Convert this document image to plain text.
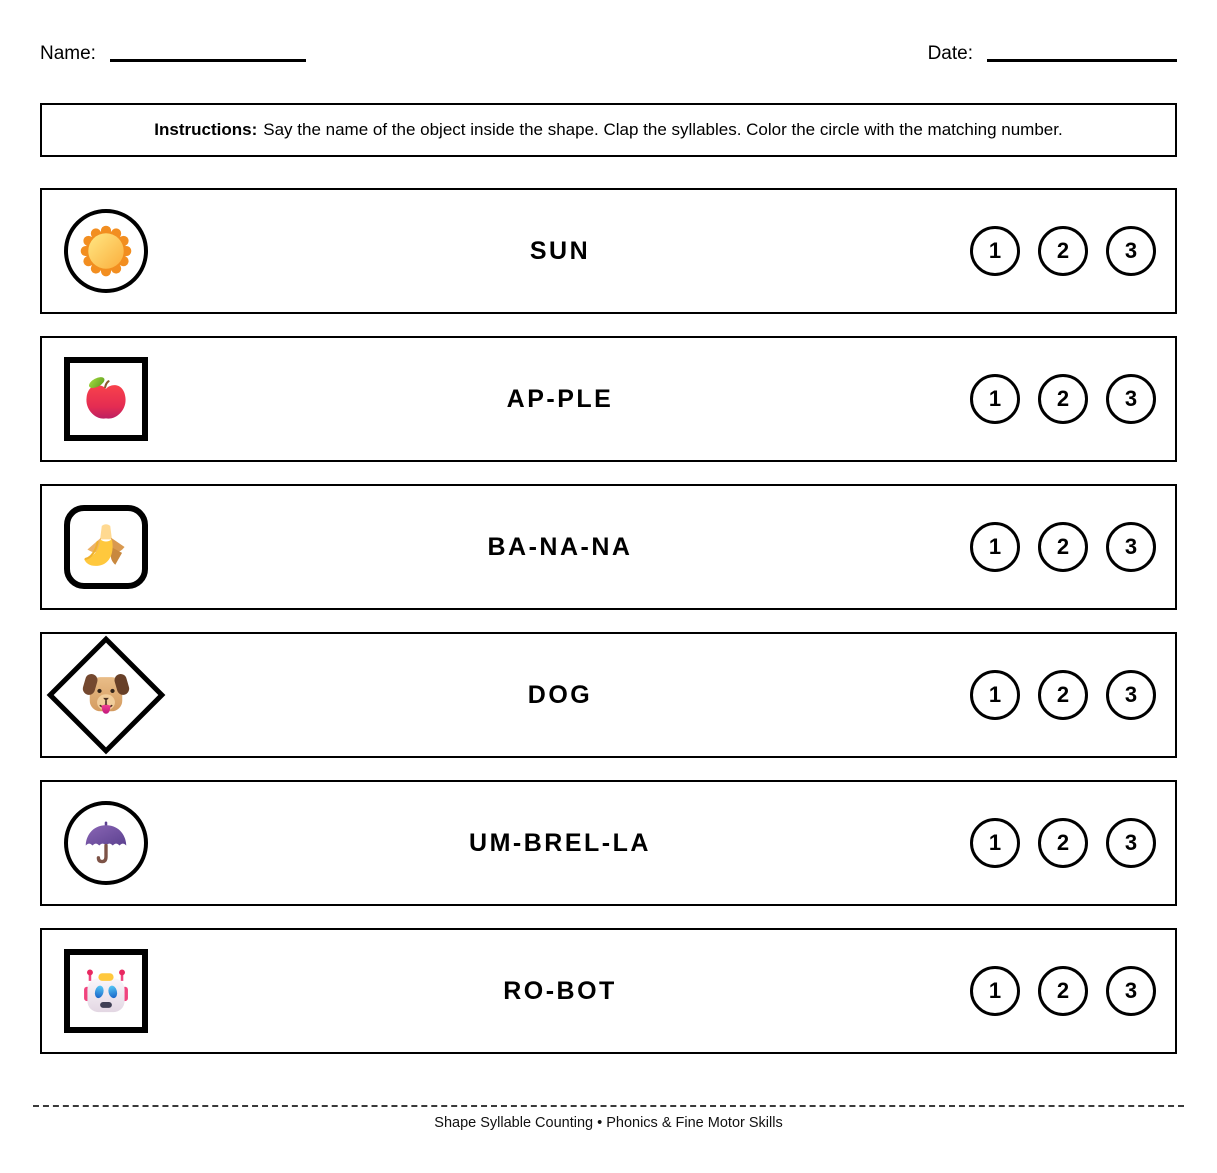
Name:	Date:
Instructions: Say the name of the object inside the shape. Clap the syllables. Color the circle with the matching number.
SUN	1	2	3
AP-PLE	1	2	3
BA-NA-NA	1	2	3
DOG	1	2	3
UM-BREL-LA	1	2	3
RO-BOT	1	2	3
Shape Syllable Counting • Phonics & Fine Motor Skills
